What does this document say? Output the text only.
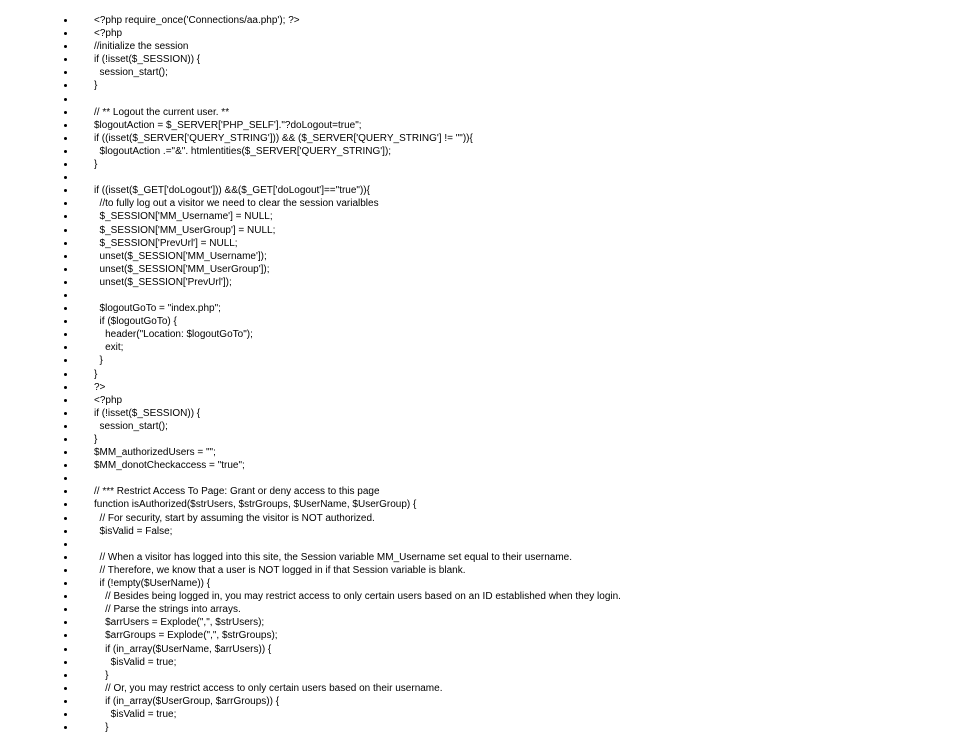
<?php require_once('Connections/aa.php'); ?>
<?php
//initialize the session
if (!isset($_SESSION)) {
session_start();
}
// ** Logout the current user. **
$logoutAction = $_SERVER['PHP_SELF']."?doLogout=true";
if ((isset($_SERVER['QUERY_STRING'])) && ($_SERVER['QUERY_STRING'] != "")){
$logoutAction .="&". htmlentities($_SERVER['QUERY_STRING']);
}
if ((isset($_GET['doLogout'])) &&($_GET['doLogout']=="true")){
//to fully log out a visitor we need to clear the session varialbles
$_SESSION['MM_Username'] = NULL;
$_SESSION['MM_UserGroup'] = NULL;
$_SESSION['PrevUrl'] = NULL;
unset($_SESSION['MM_Username']);
unset($_SESSION['MM_UserGroup']);
unset($_SESSION['PrevUrl']);
$logoutGoTo = "index.php";
if ($logoutGoTo) {
header("Location: $logoutGoTo");
exit;
}
}
?>
<?php
if (!isset($_SESSION)) {
session_start();
}
$MM_authorizedUsers = "";
$MM_donotCheckaccess = "true";
// *** Restrict Access To Page: Grant or deny access to this page
function isAuthorized($strUsers, $strGroups, $UserName, $UserGroup) {
// For security, start by assuming the visitor is NOT authorized.
$isValid = False;
// When a visitor has logged into this site, the Session variable MM_Username set equal to their username.
// Therefore, we know that a user is NOT logged in if that Session variable is blank.
if (!empty($UserName)) {
// Besides being logged in, you may restrict access to only certain users based on an ID established when they login.
// Parse the strings into arrays.
$arrUsers = Explode(",", $strUsers);
$arrGroups = Explode(",", $strGroups);
if (in_array($UserName, $arrUsers)) {
$isValid = true;
}
// Or, you may restrict access to only certain users based on their username.
if (in_array($UserGroup, $arrGroups)) {
$isValid = true;
}
